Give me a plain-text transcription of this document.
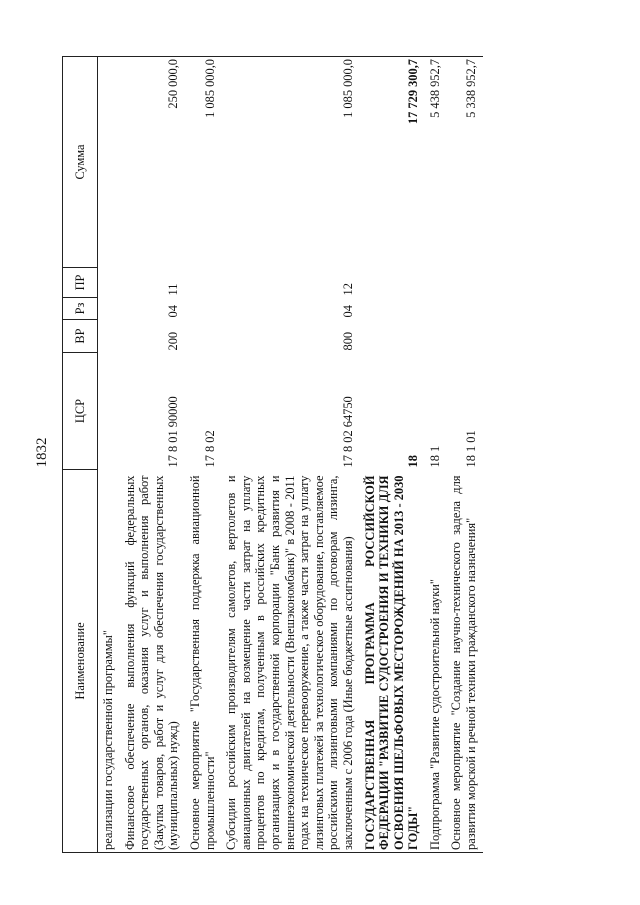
1832
Наименование	ЦСР	ВР	Рз	ПР	Сумма
реализации государственной программы"					
Финансовое обеспечение выполнения функций федеральных государственных органов, оказания услуг и выполнения работ (Закупка товаров, работ и услуг для обеспечения государственных (муниципальных) нужд)	17 8 01 90000	200	04	11	250 000,0
Основное мероприятие "Государственная поддержка авиационной промышленности"	17 8 02				1 085 000,0
Субсидии российским производителям самолетов, вертолетов и авиационных двигателей на возмещение части затрат на уплату процентов по кредитам, полученным в российских кредитных организациях и в государственной корпорации "Банк развития и внешнеэкономической деятельности (Внешэкономбанк)" в 2008 - 2011 годах на техническое перевооружение, а также части затрат на уплату лизинговых платежей за технологическое оборудование, поставляемое российскими лизинговыми компаниями по договорам лизинга, заключенным с 2006 года (Иные бюджетные ассигнования)	17 8 02 64750	800	04	12	1 085 000,0
ГОСУДАРСТВЕННАЯ ПРОГРАММА РОССИЙСКОЙ ФЕДЕРАЦИИ "РАЗВИТИЕ СУДОСТРОЕНИЯ И ТЕХНИКИ ДЛЯ ОСВОЕНИЯ ШЕЛЬФОВЫХ МЕСТОРОЖДЕНИЙ НА 2013 - 2030 ГОДЫ"	18				17 729 300,7
Подпрограмма "Развитие судостроительной науки"	18 1				5 438 952,7
Основное мероприятие "Создание научно-технического задела для развития морской и речной техники гражданского назначения"	18 1 01				5 338 952,7
